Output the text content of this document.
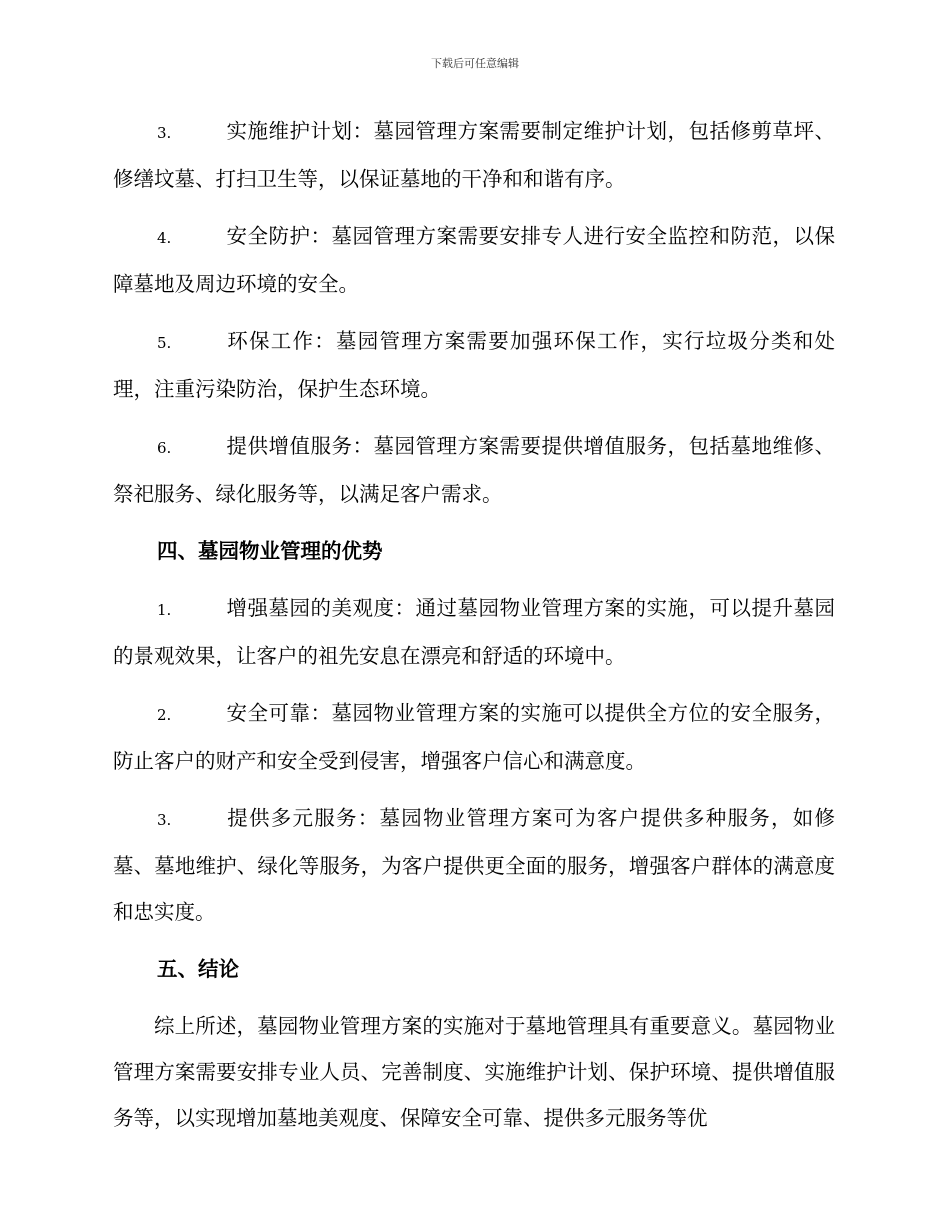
下载后可任意编辑
3.	实施维护计划：墓园管理方案需要制定维护计划，包括修剪草坪、修缮坟墓、打扫卫生等，以保证墓地的干净和和谐有序。
4.	安全防护：墓园管理方案需要安排专人进行安全监控和防范，以保障墓地及周边环境的安全。
5.	环保工作：墓园管理方案需要加强环保工作，实行垃圾分类和处理，注重污染防治，保护生态环境。
6.	提供增值服务：墓园管理方案需要提供增值服务，包括墓地维修、祭祀服务、绿化服务等，以满足客户需求。
四、墓园物业管理的优势
1.	增强墓园的美观度：通过墓园物业管理方案的实施，可以提升墓园的景观效果，让客户的祖先安息在漂亮和舒适的环境中。
2.	安全可靠：墓园物业管理方案的实施可以提供全方位的安全服务，防止客户的财产和安全受到侵害，增强客户信心和满意度。
3.	提供多元服务：墓园物业管理方案可为客户提供多种服务，如修墓、墓地维护、绿化等服务，为客户提供更全面的服务，增强客户群体的满意度和忠实度。
五、结论

综上所述，墓园物业管理方案的实施对于墓地管理具有重要意义。墓园物业管理方案需要安排专业人员、完善制度、实施维护计划、保护环境、提供增值服务等，以实现增加墓地美观度、保障安全可靠、提供多元服务等优
